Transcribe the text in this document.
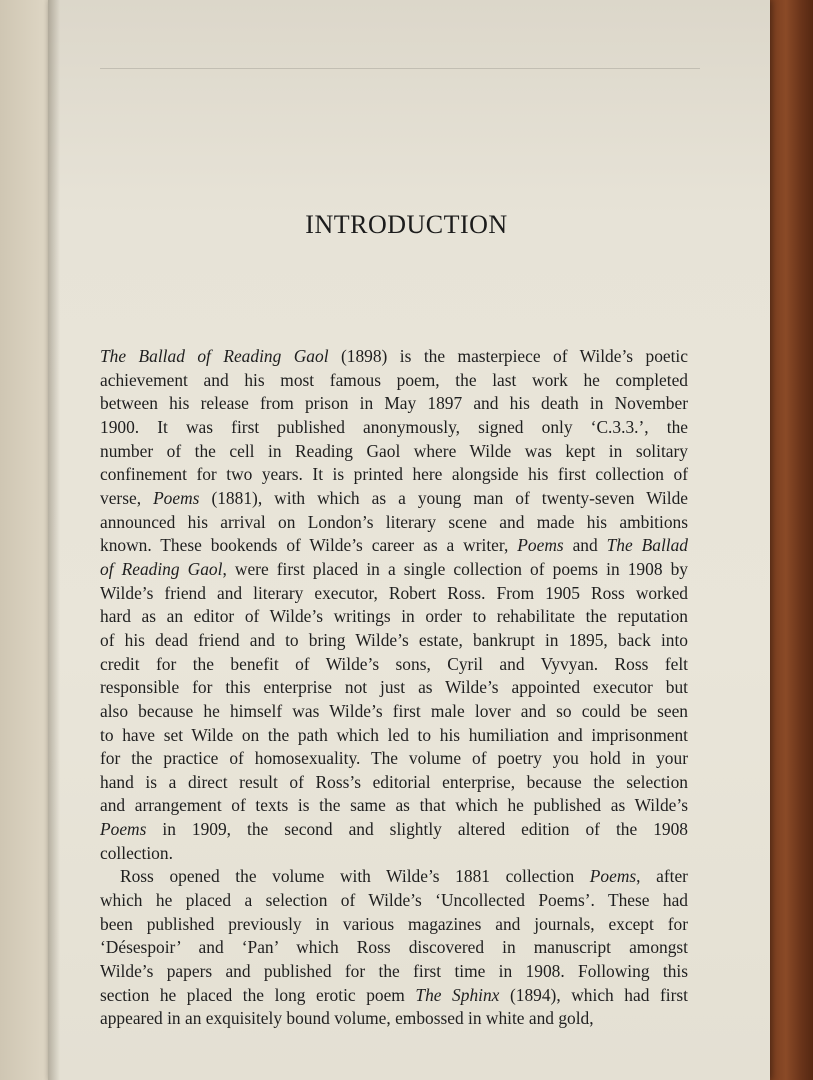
INTRODUCTION
The Ballad of Reading Gaol (1898) is the masterpiece of Wilde’s poetic
achievement and his most famous poem, the last work he completed
between his release from prison in May 1897 and his death in November
1900. It was first published anonymously, signed only ‘C.3.3.’, the
number of the cell in Reading Gaol where Wilde was kept in solitary
confinement for two years. It is printed here alongside his first collection of
verse, Poems (1881), with which as a young man of twenty-seven Wilde
announced his arrival on London’s literary scene and made his ambitions
known. These bookends of Wilde’s career as a writer, Poems and The Ballad
of Reading Gaol, were first placed in a single collection of poems in 1908 by
Wilde’s friend and literary executor, Robert Ross. From 1905 Ross worked
hard as an editor of Wilde’s writings in order to rehabilitate the reputation
of his dead friend and to bring Wilde’s estate, bankrupt in 1895, back into
credit for the benefit of Wilde’s sons, Cyril and Vyvyan. Ross felt
responsible for this enterprise not just as Wilde’s appointed executor but
also because he himself was Wilde’s first male lover and so could be seen
to have set Wilde on the path which led to his humiliation and imprisonment
for the practice of homosexuality. The volume of poetry you hold in your
hand is a direct result of Ross’s editorial enterprise, because the selection
and arrangement of texts is the same as that which he published as Wilde’s
Poems in 1909, the second and slightly altered edition of the 1908
collection.
Ross opened the volume with Wilde’s 1881 collection Poems, after
which he placed a selection of Wilde’s ‘Uncollected Poems’. These had
been published previously in various magazines and journals, except for
‘Désespoir’ and ‘Pan’ which Ross discovered in manuscript amongst
Wilde’s papers and published for the first time in 1908. Following this
section he placed the long erotic poem The Sphinx (1894), which had first
appeared in an exquisitely bound volume, embossed in white and gold,
